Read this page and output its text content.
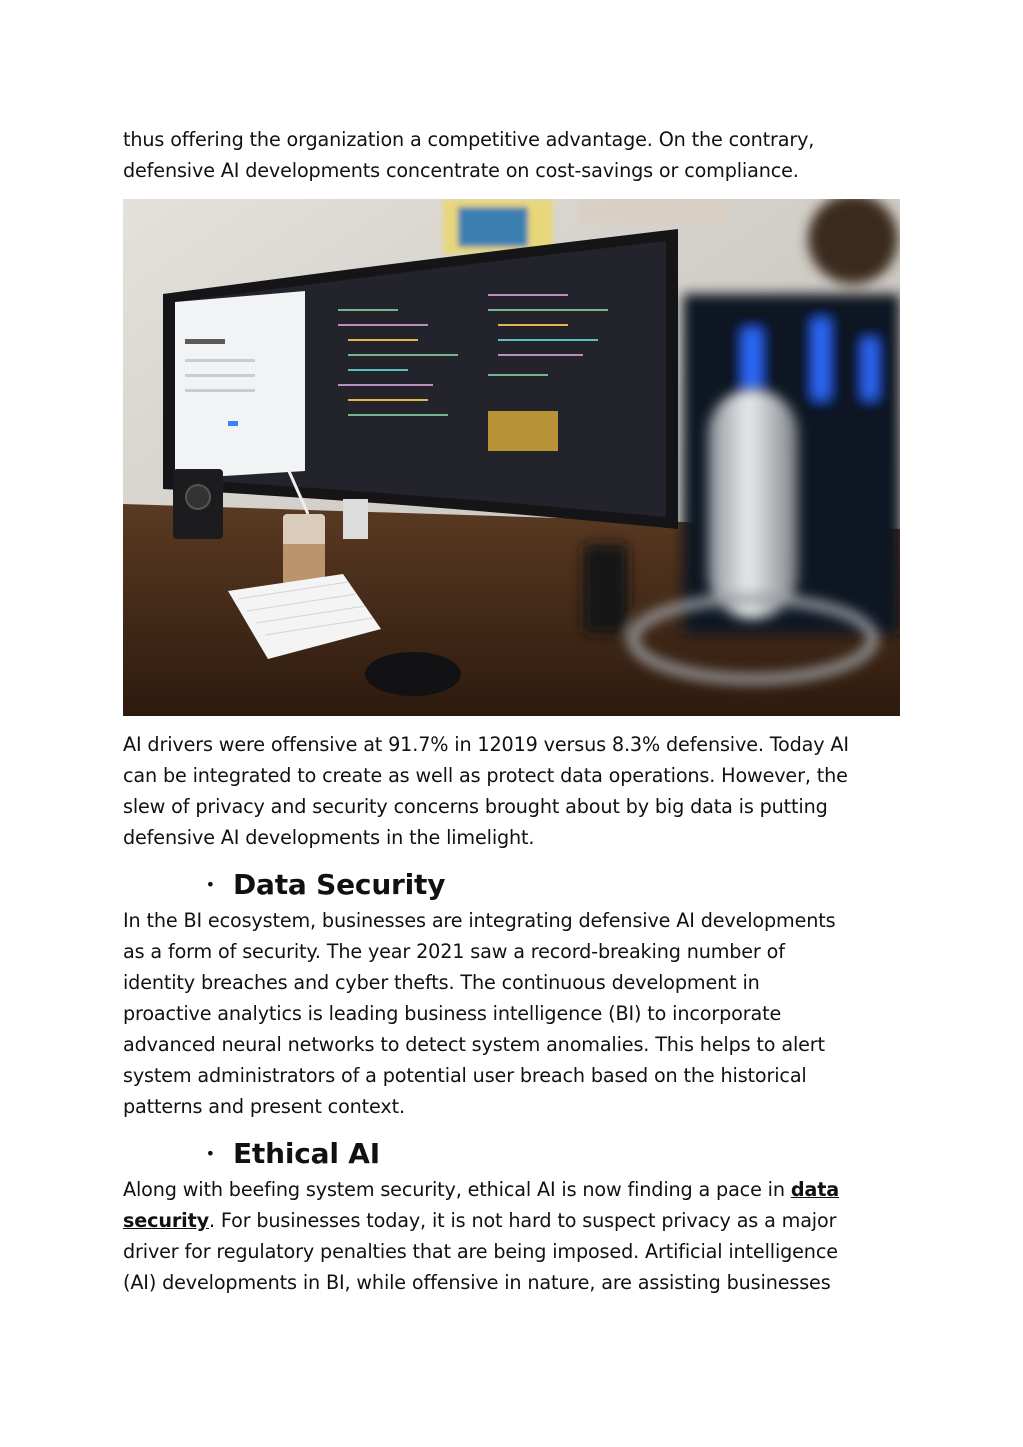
thus offering the organization a competitive advantage. On the contrary,
defensive AI developments concentrate on cost-savings or compliance.

AI drivers were offensive at 91.7% in 12019 versus 8.3% defensive. Today AI
can be integrated to create as well as protect data operations. However, the
slew of privacy and security concerns brought about by big data is putting
defensive AI developments in the limelight.

• Data Security

In the BI ecosystem, businesses are integrating defensive AI developments
as a form of security. The year 2021 saw a record-breaking number of
identity breaches and cyber thefts. The continuous development in
proactive analytics is leading business intelligence (BI) to incorporate
advanced neural networks to detect system anomalies. This helps to alert
system administrators of a potential user breach based on the historical
patterns and present context.

• Ethical AI

Along with beefing system security, ethical AI is now finding a pace in data
security. For businesses today, it is not hard to suspect privacy as a major
driver for regulatory penalties that are being imposed. Artificial intelligence
(AI) developments in BI, while offensive in nature, are assisting businesses
